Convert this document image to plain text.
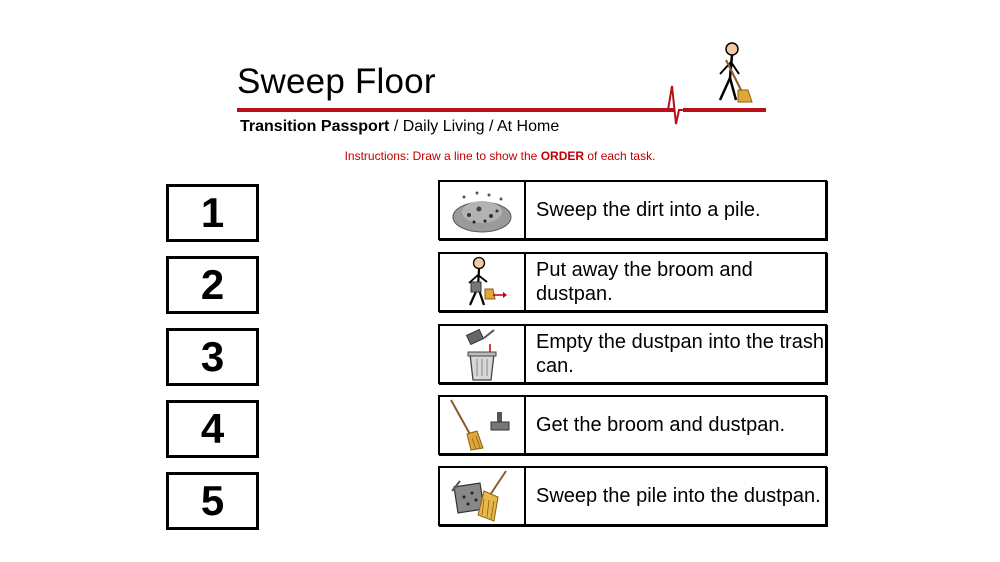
Sweep Floor
Transition Passport / Daily Living / At Home
Instructions: Draw a line to show the ORDER of each task.
1
2
3
4
5
Sweep the dirt into a pile.
Put away the broom and dustpan.
Empty the dustpan into the trash can.
Get the broom and dustpan.
Sweep the pile into the dustpan.
